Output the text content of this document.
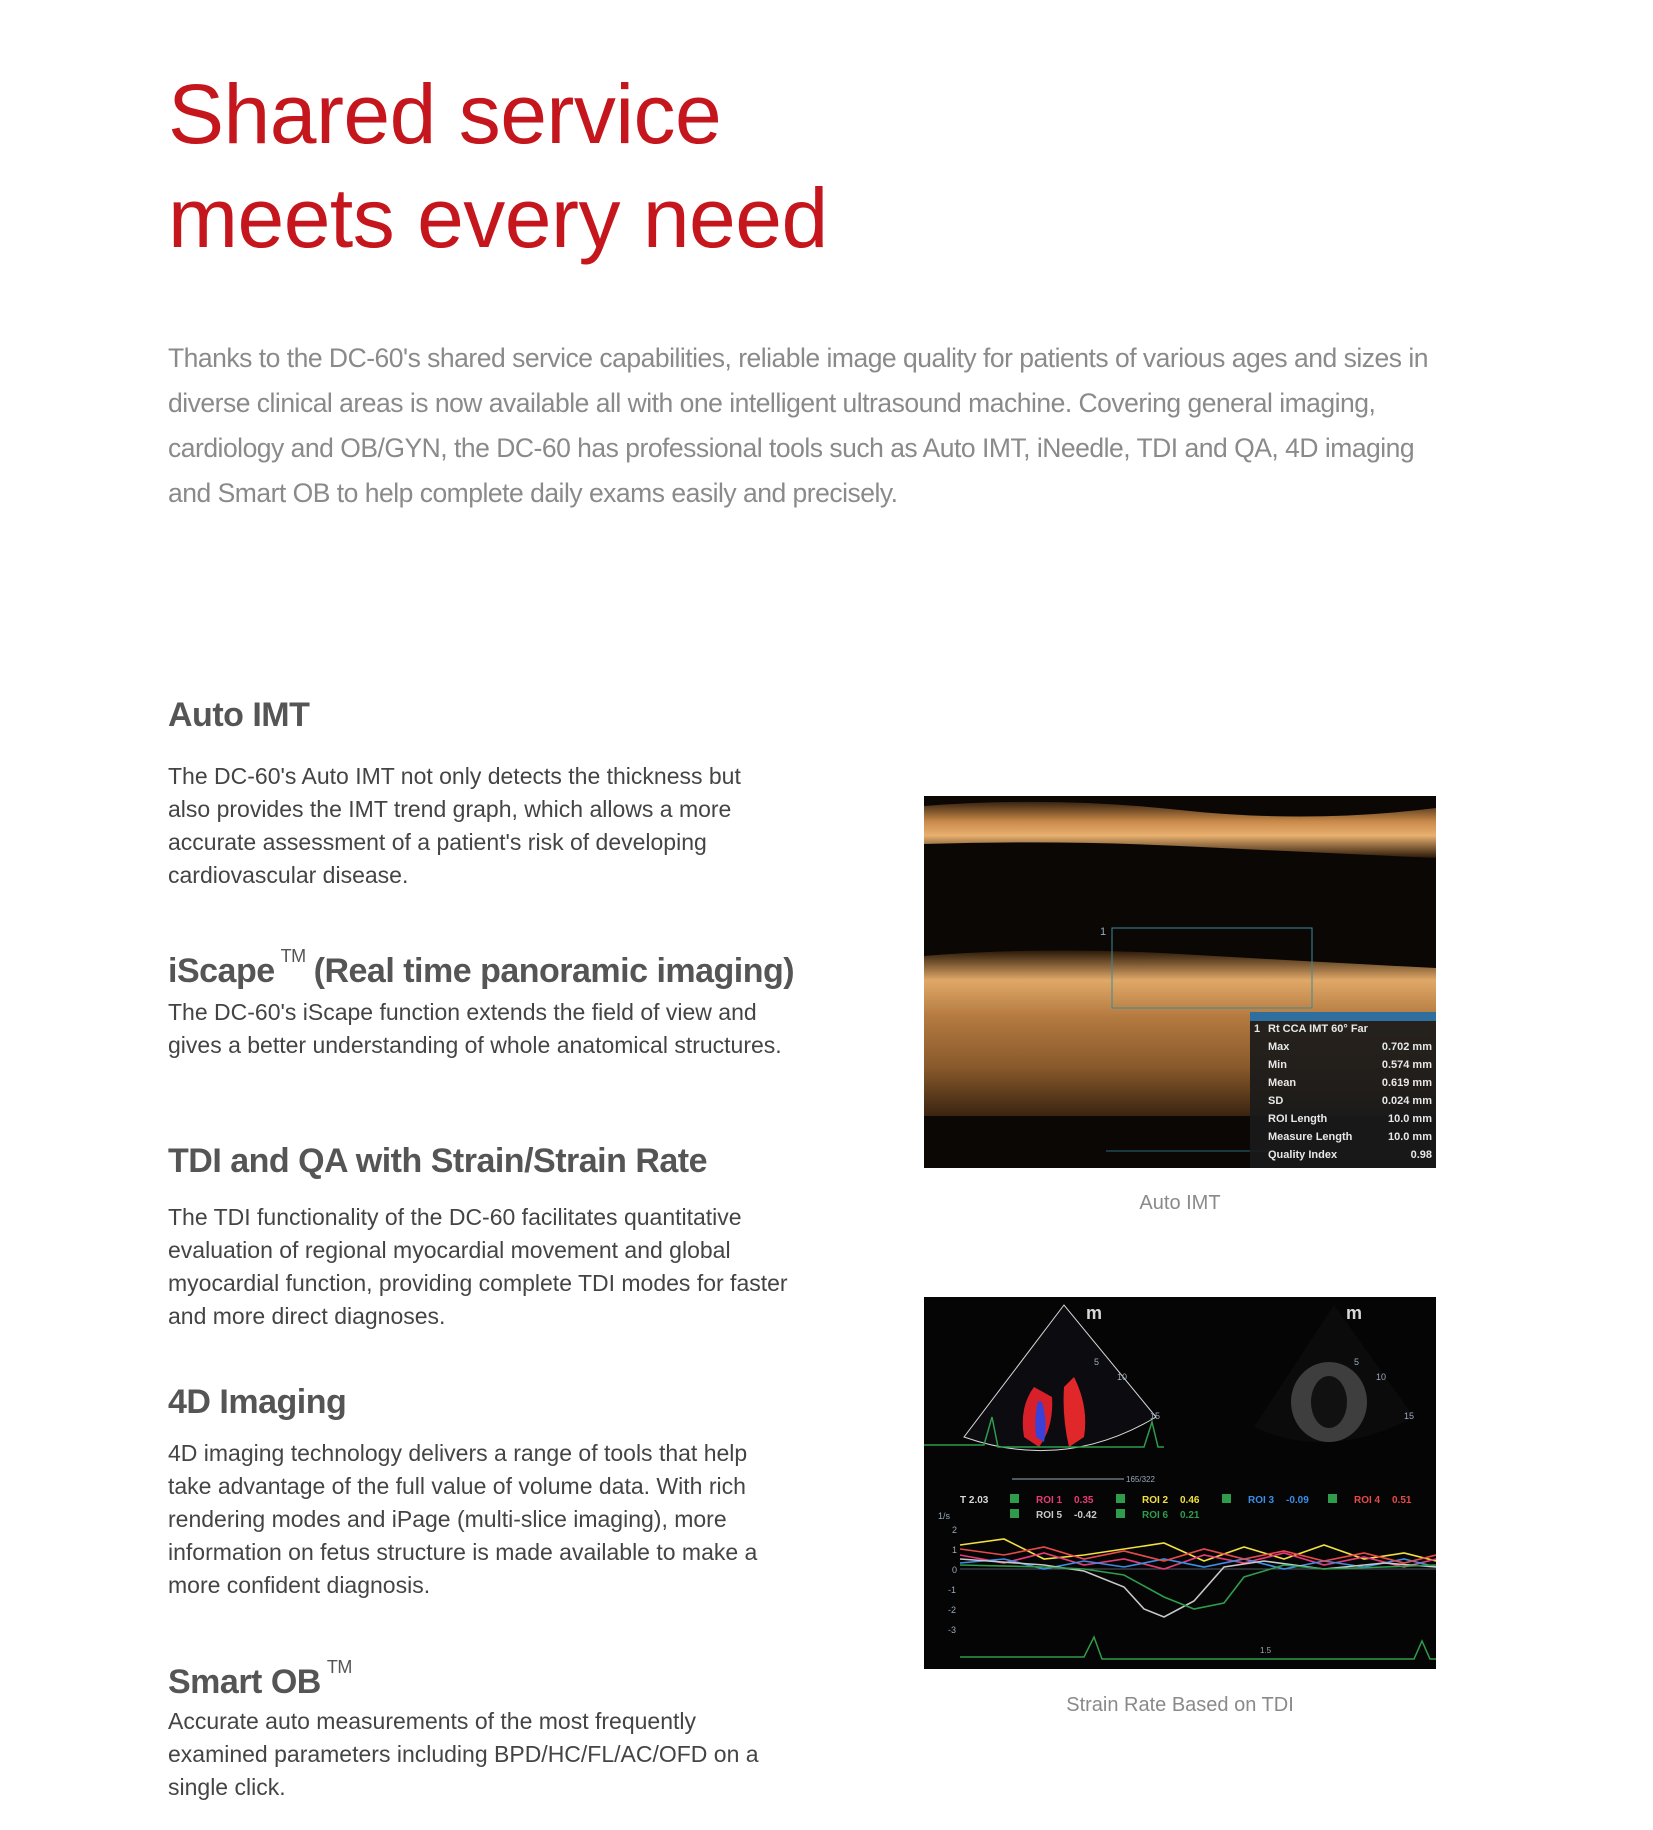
Shared service
meets every need

Thanks to the DC-60's shared service capabilities, reliable image quality for patients of various ages and sizes in diverse clinical areas is now available all with one intelligent ultrasound machine. Covering general imaging, cardiology and OB/GYN, the DC-60 has professional tools such as Auto IMT, iNeedle, TDI and QA, 4D imaging and Smart OB to help complete daily exams easily and precisely.

Auto IMT

The DC-60's Auto IMT not only detects the thickness but also provides the IMT trend graph, which allows a more accurate assessment of a patient's risk of developing cardiovascular disease.

iScape ™ (Real time panoramic imaging)

The DC-60's iScape function extends the field of view and gives a better understanding of whole anatomical structures.

TDI and QA with Strain/Strain Rate

The TDI functionality of the DC-60 facilitates quantitative evaluation of regional myocardial movement and global myocardial function, providing complete TDI modes for faster and more direct diagnoses.

4D Imaging

4D imaging technology delivers a range of tools that help take advantage of the full value of volume data. With rich rendering modes and iPage (multi-slice imaging), more information on fetus structure is made available to make a more confident diagnosis.

Smart OB ™

Accurate auto measurements of the most frequently examined parameters including BPD/HC/FL/AC/OFD on a single click.

1
1 Rt CCA IMT 60° Far
Max	0.702 mm
Min	0.574 mm
Mean	0.619 mm
SD	0.024 mm
ROI Length	10.0 mm
Measure Length	10.0 mm
Quality Index	0.98

Auto IMT

m	m
5
10
15
5
10
15
165/322
T 2.03	ROI 1 0.35	ROI 2 0.46	ROI 3 -0.09	ROI 4 0.51
ROI 5 -0.42	ROI 6 0.21
1/s
2
1
0
-1
-2
-3
1.5

Strain Rate Based on TDI
